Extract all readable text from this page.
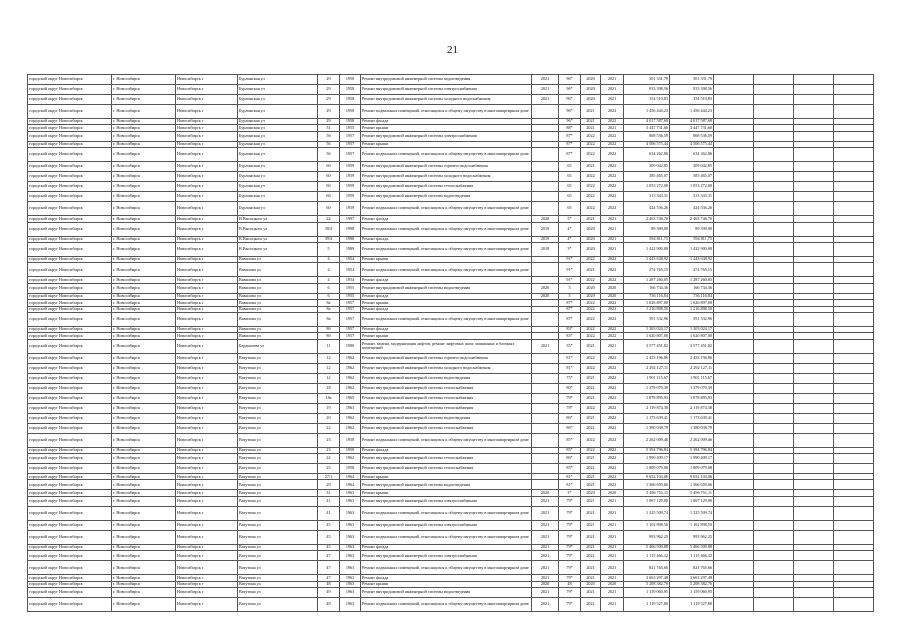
21
городской округ Новосибирск	г. Новосибирск	Новосибирск г	Бурлинская ул	29	1958	Ремонт внутридомовой инженерной системы водоотведения	2021	96*	2020	2021	501 331,79	501 331,79				
городской округ Новосибирск	г. Новосибирск	Новосибирск г	Бурлинская ул	29	1958	Ремонт внутридомовой инженерной системы электроснабжения	2021	96*	2020	2021	933 398,56	933 398,56				
городской округ Новосибирск	г. Новосибирск	Новосибирск г	Бурлинская ул	29	1958	Ремонт внутридомовой инженерной системы холодного водоснабжения	2021	96*	2020	2021	154 510,83	154 510,83				
городской округ Новосибирск	г. Новосибирск	Новосибирск г	Бурлинская ул	29	1958	Ремонт подвальных помещений, относящихся к общему имуществу в многоквартирном доме		96*	2021	2022	1 456 444,23	1 456 444,23				
городской округ Новосибирск	г. Новосибирск	Новосибирск г	Бурлинская ул	29	1958	Ремонт фасада		96*	2021	2022	4 017 587,69	4 017 587,69				
городской округ Новосибирск	г. Новосибирск	Новосибирск г	Бурлинская ул	31	1955	Ремонт крыши		88*	2021	2021	3 447 731,60	3 447 731,60				
городской округ Новосибирск	г. Новосибирск	Новосибирск г	Бурлинская ул	56	1957	Ремонт внутридомовой инженерной системы электроснабжения		87*	2022	2022	868 536,59	868 536,59				
городской округ Новосибирск	г. Новосибирск	Новосибирск г	Бурлинская ул	56	1957	Ремонт крыши		87*	2022	2022	4 506 575,44	4 506 575,44				
городской округ Новосибирск	г. Новосибирск	Новосибирск г	Бурлинская ул	56	1957	Ремонт подвальных помещений, относящихся к общему имуществу в многоквартирном доме		87*	2022	2022	634 262,86	634 262,86				
городской округ Новосибирск	г. Новосибирск	Новосибирск г	Бурлинская ул	60	1959	Ремонт внутридомовой инженерной системы горячего водоснабжения		65	2021	2022	309 042,85	309 042,85				
городской округ Новосибирск	г. Новосибирск	Новосибирск г	Бурлинская ул	60	1959	Ремонт внутридомовой инженерной системы холодного водоснабжения		65	2022	2022	385 465,07	385 465,07				
городской округ Новосибирск	г. Новосибирск	Новосибирск г	Бурлинская ул	60	1959	Ремонт внутридомовой инженерной системы теплоснабжения		65	2022	2022	1 053 272,00	1 053 272,00				
городской округ Новосибирск	г. Новосибирск	Новосибирск г	Бурлинская ул	60	1959	Ремонт внутридомовой инженерной системы водоотведения		65	2022	2022	313 343,31	313 343,31				
городской округ Новосибирск	г. Новосибирск	Новосибирск г	Бурлинская ул	60	1959	Ремонт подвальных помещений, относящихся к общему имуществу в многоквартирном доме		65	2022	2022	424 536,26	424 536,26				
городской округ Новосибирск	г. Новосибирск	Новосибирск г	В.Высоцкого ул	22	1997	Ремонт фасада	2020	5*	2021	2021	2 463 746,70	2 463 746,70				
городской округ Новосибирск	г. Новосибирск	Новосибирск г	В.Высоцкого ул	39/4	1998	Ремонт подвальных помещений, относящихся к общему имуществу в многоквартирном доме	2019	4*	2020	2021	89 399,00	89 399,00				
городской округ Новосибирск	г. Новосибирск	Новосибирск г	В.Высоцкого ул	39/4	1998	Ремонт фасада	2019	4*	2020	2021	594 811,75	594 811,75				
городской округ Новосибирск	г. Новосибирск	Новосибирск г	В.Высоцкого ул	5	1989	Ремонт подвальных помещений, относящихся к общему имуществу в многоквартирном доме	2018	3*	2020	2021	1 422 900,00	1 422 900,00				
городской округ Новосибирск	г. Новосибирск	Новосибирск г	Вавилова ул	4	1954	Ремонт крыши		91*	2022	2022	1 443 638,92	1 443 638,92				
городской округ Новосибирск	г. Новосибирск	Новосибирск г	Вавилова ул	4	1954	Ремонт подвальных помещений, относящихся к общему имуществу в многоквартирном доме		91*	2021	2022	274 765,15	274 765,15				
городской округ Новосибирск	г. Новосибирск	Новосибирск г	Вавилова ул	4	1954	Ремонт фасада		91*	2022	2022	1 287 260,05	1 287 260,05				
городской округ Новосибирск	г. Новосибирск	Новосибирск г	Вавилова ул	6	1955	Ремонт внутридомовой инженерной системы водоотведения	2020	5	2020	2020	166 734,36	166 734,36				
городской округ Новосибирск	г. Новосибирск	Новосибирск г	Вавилова ул	6	1955	Ремонт фасада	2020	5	2020	2020	736 116,84	736 116,84				
городской округ Новосибирск	г. Новосибирск	Новосибирск г	Вавилова ул	8а	1957	Ремонт крыши		87*	2022	2022	1 626 897,00	1 626 897,00				
городской округ Новосибирск	г. Новосибирск	Новосибирск г	Вавилова ул	8а	1957	Ремонт фасада		87*	2022	2022	1 216 898,50	1 216 898,50				
городской округ Новосибирск	г. Новосибирск	Новосибирск г	Вавилова ул	8а	1957	Ремонт подвальных помещений, относящихся к общему имуществу в многоквартирном доме		87*	2022	2022	591 532,96	591 532,96				
городской округ Новосибирск	г. Новосибирск	Новосибирск г	Вавилова ул	8б	1957	Ремонт фасада		83*	2022	2022	1 303 024,17	1 303 024,17				
городской округ Новосибирск	г. Новосибирск	Новосибирск г	Вавилова ул	8б	1957	Ремонт крыши		83*	2022	2022	1 620 807,00	1 620 807,00				
городской округ Новосибирск	г. Новосибирск	Новосибирск г	Бердышева ул	11	1990	Ремонт, замена, модернизация лифтов, ремонт лифтовых шахт, машинных и блочных помещений	2021	35*	2021	2021	3 577 451,82	3 577 451,82				
городской округ Новосибирск	г. Новосибирск	Новосибирск г	Ватутина ул	12	1962	Ремонт внутридомовой инженерной системы горячего водоснабжения		81*	2022	2022	2 433 196,86	2 433 196,86				
городской округ Новосибирск	г. Новосибирск	Новосибирск г	Ватутина ул	12	1962	Ремонт внутридомовой инженерной системы холодного водоснабжения		81*	2022	2022	2 292 127,11	2 292 127,11				
городской округ Новосибирск	г. Новосибирск	Новосибирск г	Ватутина ул	12	1962	Ремонт внутридомовой инженерной системы водоотведения		75*	2021	2022	1 901 115,67	1 901 115,67				
городской округ Новосибирск	г. Новосибирск	Новосибирск г	Ватутина ул	18	1962	Ремонт внутридомовой инженерной системы теплоснабжения		80*	2021	2022	1 379 070,39	1 379 070,39				
городской округ Новосибирск	г. Новосибирск	Новосибирск г	Ватутина ул	18а	1965	Ремонт внутридомовой инженерной системы теплоснабжения		79*	2021	2022	1 078 895,93	1 078 895,93				
городской округ Новосибирск	г. Новосибирск	Новосибирск г	Ватутина ул	19	1963	Ремонт внутридомовой инженерной системы теплоснабжения		78*	2022	2022	2 119 874,38	2 119 874,38				
городской округ Новосибирск	г. Новосибирск	Новосибирск г	Ватутина ул	20	1962	Ремонт внутридомовой инженерной системы водоотведения		86*	2021	2022	1 173 639,41	1 173 639,41				
городской округ Новосибирск	г. Новосибирск	Новосибирск г	Ватутина ул	22	1962	Ремонт внутридомовой инженерной системы теплоснабжения		86*	2021	2022	1 380 038,79	1 380 038,79				
городской округ Новосибирск	г. Новосибирск	Новосибирск г	Ватутина ул	23	1958	Ремонт подвальных помещений, относящихся к общему имуществу в многоквартирном доме		85*	2022	2022	2 262 009,46	2 262 009,46				
городской округ Новосибирск	г. Новосибирск	Новосибирск г	Ватутина ул	23	1958	Ремонт фасада		85*	2022	2022	5 394 796,84	5 394 796,84				
городской округ Новосибирск	г. Новосибирск	Новосибирск г	Ватутина ул	24	1962	Ремонт внутридомовой инженерной системы теплоснабжения		86*	2021	2022	1 990 409,17	1 990 409,17				
городской округ Новосибирск	г. Новосибирск	Новосибирск г	Ватутина ул	25	1958	Ремонт внутридомовой инженерной системы теплоснабжения		85*	2021	2022	1 809 079,08	1 809 079,08				
городской округ Новосибирск	г. Новосибирск	Новосибирск г	Ватутина ул	27/1	1964	Ремонт крыши		81*	2021	2022	9 652 104,06	9 652 104,06				
городской округ Новосибирск	г. Новосибирск	Новосибирск г	Ватутина ул	29	1964	Ремонт внутридомовой инженерной системы водоотведения		81*	2021	2022	1 366 659,66	1 366 659,66				
городской округ Новосибирск	г. Новосибирск	Новосибирск г	Ватутина ул	31	1963	Ремонт крыши	2020	3*	2020	2020	5 496 751,11	5 496 751,11				
городской округ Новосибирск	г. Новосибирск	Новосибирск г	Ватутина ул	41	1963	Ремонт внутридомовой инженерной системы электроснабжения	2021	79*	2021	2021	1 067 129,00	1 067 129,00				
городской округ Новосибирск	г. Новосибирск	Новосибирск г	Ватутина ул	41	1963	Ремонт подвальных помещений, относящихся к общему имуществу в многоквартирном доме	2021	79*	2021	2021	1 325 509,74	1 325 509,74				
городской округ Новосибирск	г. Новосибирск	Новосибирск г	Ватутина ул	45	1963	Ремонт внутридомовой инженерной системы электроснабжения	2021	79*	2021	2021	1 102 898,50	1 102 898,50				
городской округ Новосибирск	г. Новосибирск	Новосибирск г	Ватутина ул	45	1963	Ремонт подвальных помещений, относящихся к общему имуществу в многоквартирном доме	2021	79*	2021	2021	993 962,25	993 962,25				
городской округ Новосибирск	г. Новосибирск	Новосибирск г	Ватутина ул	45	1963	Ремонт фасада	2021	79*	2021	2021	5 466 509,88	5 466 509,88				
городской округ Новосибирск	г. Новосибирск	Новосибирск г	Ватутина ул	47	1963	Ремонт внутридомовой инженерной системы электроснабжения	2021	79*	2021	2021	1 115 466,32	1 115 466,32				
городской округ Новосибирск	г. Новосибирск	Новосибирск г	Ватутина ул	47	1963	Ремонт подвальных помещений, относящихся к общему имуществу в многоквартирном доме	2021	79*	2021	2021	821 765,66	821 765,66				
городской округ Новосибирск	г. Новосибирск	Новосибирск г	Ватутина ул	47	1963	Ремонт фасада	2021	79*	2021	2021	3 663 297,48	3 663 297,48				
городской округ Новосибирск	г. Новосибирск	Новосибирск г	Ватутина ул	48	1963	Ремонт крыши	2020	48	2020	2020	5 208 382,76	5 208 382,76				
городской округ Новосибирск	г. Новосибирск	Новосибирск г	Ватутина ул	49	1963	Ремонт внутридомовой инженерной системы водоотведения	2021	79*	2021	2021	1 159 060,95	1 159 060,95				
городской округ Новосибирск	г. Новосибирск	Новосибирск г	Ватутина ул	49	1963	Ремонт подвальных помещений, относящихся к общему имуществу в многоквартирном доме	2021	79*	2021	2021	1 119 527,80	1 119 527,80				
